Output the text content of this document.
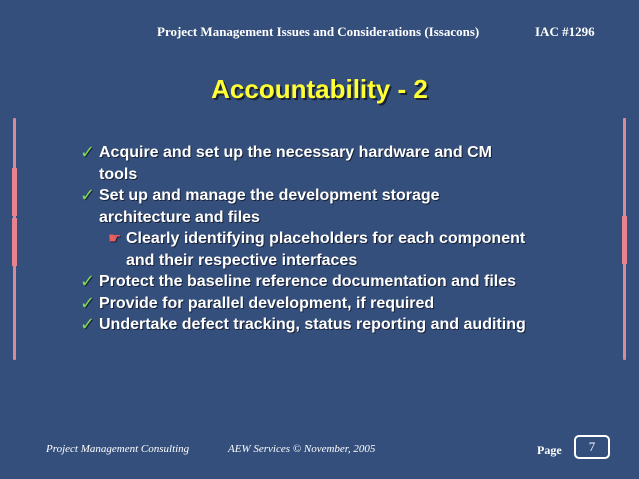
Project Management Issues and Considerations (Issacons)	IAC #1296
Accountability - 2
✓ Acquire and set up the necessary hardware and CM
tools
✓ Set up and manage the development storage
architecture and files
☛ Clearly identifying placeholders for each component
and their respective interfaces
✓ Protect the baseline reference documentation and files
✓ Provide for parallel development, if required
✓ Undertake defect tracking, status reporting and auditing
Project Management Consulting	AEW Services © November, 2005	Page	7
